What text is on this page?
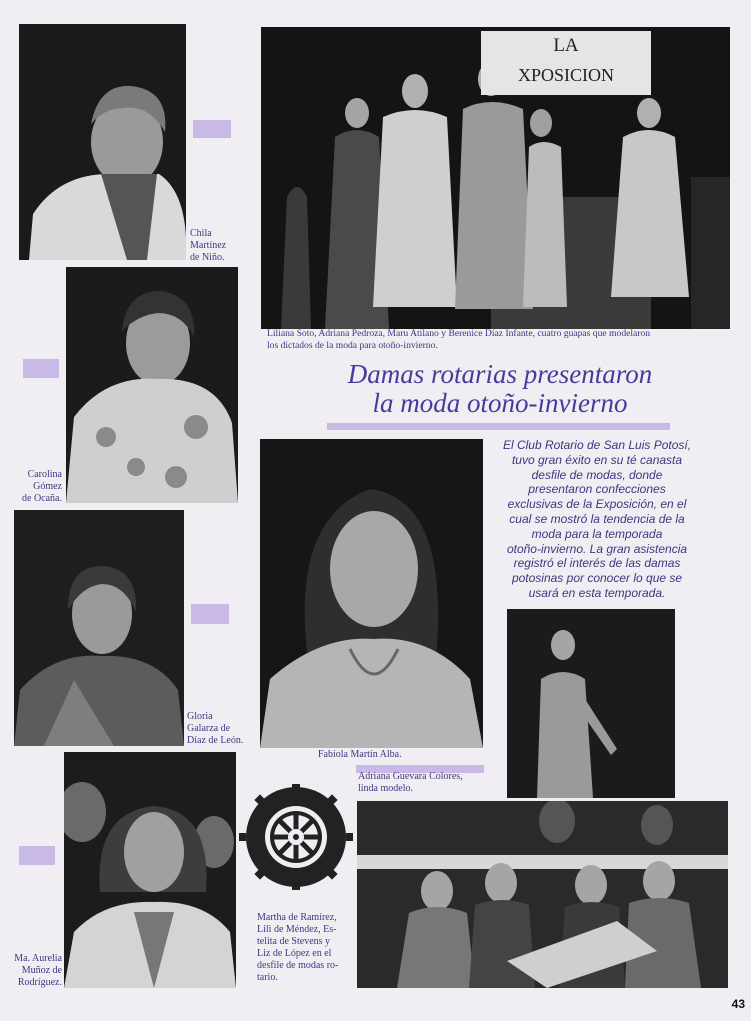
LA
XPOSICION
Chila
Martínez
de Niño.
Carolina
Gómez
de Ocaña.
Gloria
Galarza de
Díaz de León.
Ma. Aurelia
Muñoz de
Rodríguez.
Liliana Soto, Adriana Pedroza, Maru Atilano y Berenice Díaz Infante, cuatro guapas que modelaron
los dictados de la moda para otoño-invierno.
Fabiola Martín Alba.
Adriana Guevara Colores,
linda modelo.
Martha de Ramírez,
Lili de Méndez, Es-
telita de Stevens y
Liz de López en el
desfile de modas ro-
tario.
Damas rotarias presentaron
la moda otoño-invierno
El Club Rotario de San Luis Potosí,
tuvo gran éxito en su té canasta
desfile de modas, donde
presentaron confecciones
exclusivas de la Exposición, en el
cual se mostró la tendencia de la
moda para la temporada
otoño-invierno. La gran asistencia
registró el interés de las damas
potosinas por conocer lo que se
usará en esta temporada.
43
